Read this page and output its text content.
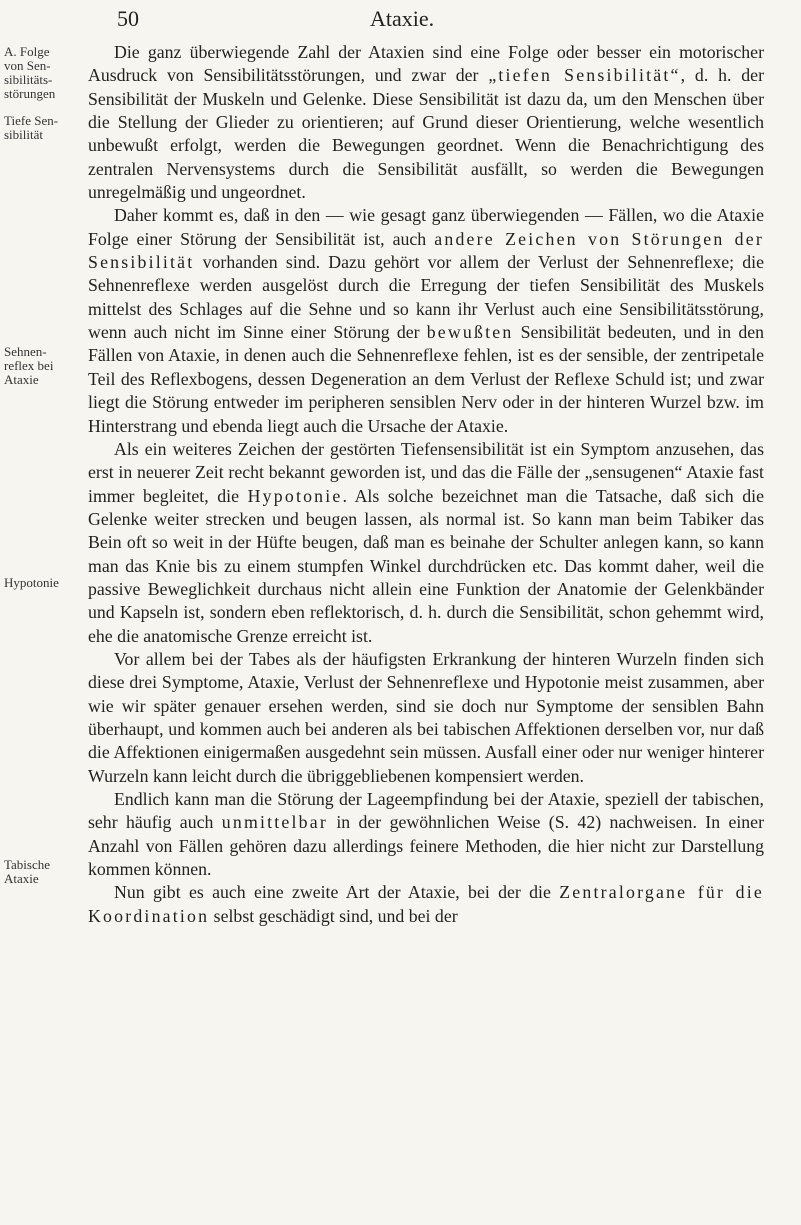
50	Ataxie.
A. Folge von Sen-sibilitäts-störungen
Tiefe Sen-sibilität
Sehnen-reflex bei Ataxie
Hypotonie
Tabische Ataxie

Die ganz überwiegende Zahl der Ataxien sind eine Folge oder besser ein motorischer Ausdruck von Sensibilitätsstörungen, und zwar der „tiefen Sensibilität“, d. h. der Sensibilität der Muskeln und Gelenke. Diese Sensibilität ist dazu da, um den Menschen über die Stellung der Glieder zu orientieren; auf Grund dieser Orientierung, welche wesentlich unbewußt erfolgt, werden die Bewegungen geordnet. Wenn die Benachrichtigung des zentralen Nervensystems durch die Sensibilität ausfällt, so werden die Bewegungen unregelmäßig und ungeordnet.

Daher kommt es, daß in den — wie gesagt ganz überwiegenden — Fällen, wo die Ataxie Folge einer Störung der Sensibilität ist, auch andere Zeichen von Störungen der Sensibilität vorhanden sind. Dazu gehört vor allem der Verlust der Sehnenreflexe; die Sehnenreflexe werden ausgelöst durch die Erregung der tiefen Sensibilität des Muskels mittelst des Schlages auf die Sehne und so kann ihr Verlust auch eine Sensibilitätsstörung, wenn auch nicht im Sinne einer Störung der bewußten Sensibilität bedeuten, und in den Fällen von Ataxie, in denen auch die Sehnenreflexe fehlen, ist es der sensible, der zentripetale Teil des Reflexbogens, dessen Degeneration an dem Verlust der Reflexe Schuld ist; und zwar liegt die Störung entweder im peripheren sensiblen Nerv oder in der hinteren Wurzel bzw. im Hinterstrang und ebenda liegt auch die Ursache der Ataxie.

Als ein weiteres Zeichen der gestörten Tiefensensibilität ist ein Symptom anzusehen, das erst in neuerer Zeit recht bekannt geworden ist, und das die Fälle der „sensugenen“ Ataxie fast immer begleitet, die Hypotonie. Als solche bezeichnet man die Tatsache, daß sich die Gelenke weiter strecken und beugen lassen, als normal ist. So kann man beim Tabiker das Bein oft so weit in der Hüfte beugen, daß man es beinahe der Schulter anlegen kann, so kann man das Knie bis zu einem stumpfen Winkel durchdrücken etc. Das kommt daher, weil die passive Beweglichkeit durchaus nicht allein eine Funktion der Anatomie der Gelenkbänder und Kapseln ist, sondern eben reflektorisch, d. h. durch die Sensibilität, schon gehemmt wird, ehe die anatomische Grenze erreicht ist.

Vor allem bei der Tabes als der häufigsten Erkrankung der hinteren Wurzeln finden sich diese drei Symptome, Ataxie, Verlust der Sehnenreflexe und Hypotonie meist zusammen, aber wie wir später genauer ersehen werden, sind sie doch nur Symptome der sensiblen Bahn überhaupt, und kommen auch bei anderen als bei tabischen Affektionen derselben vor, nur daß die Affektionen einigermaßen ausgedehnt sein müssen. Ausfall einer oder nur weniger hinterer Wurzeln kann leicht durch die übriggebliebenen kompensiert werden.

Endlich kann man die Störung der Lageempfindung bei der Ataxie, speziell der tabischen, sehr häufig auch unmittelbar in der gewöhnlichen Weise (S. 42) nachweisen. In einer Anzahl von Fällen gehören dazu allerdings feinere Methoden, die hier nicht zur Darstellung kommen können.

Nun gibt es auch eine zweite Art der Ataxie, bei der die Zentralorgane für die Koordination selbst geschädigt sind, und bei der
